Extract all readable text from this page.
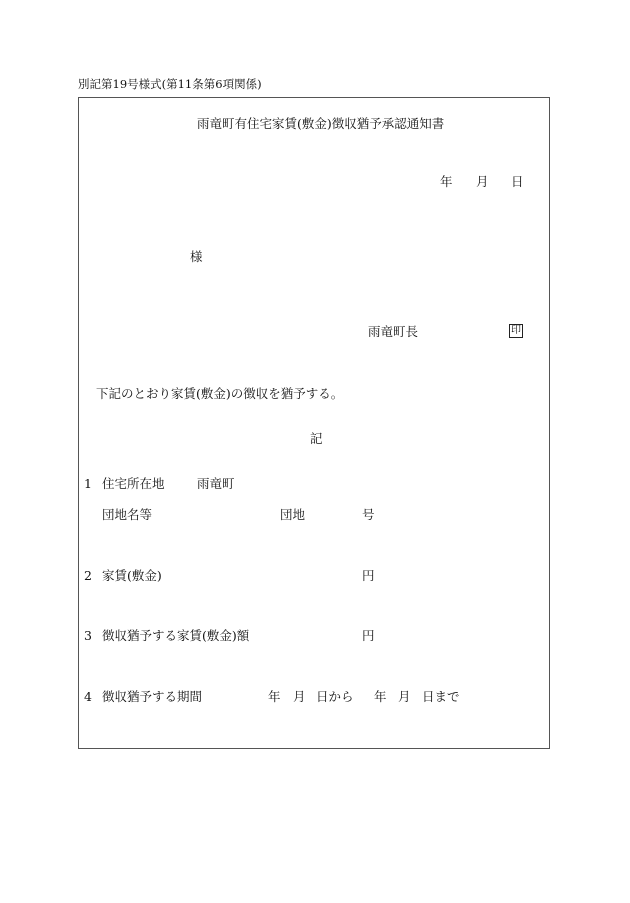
別記第19号様式(第11条第6項関係)
雨竜町有住宅家賃(敷金)徴収猶予承認通知書
年 月 日
様
雨竜町長	印
下記のとおり家賃(敷金)の徴収を猶予する。
記
1 住宅所在地	雨竜町
団地名等	団地	号
2 家賃(敷金)	円
3 徴収猶予する家賃(敷金)額	円
4 徴収猶予する期間	年 月 日から 年 月 日まで
